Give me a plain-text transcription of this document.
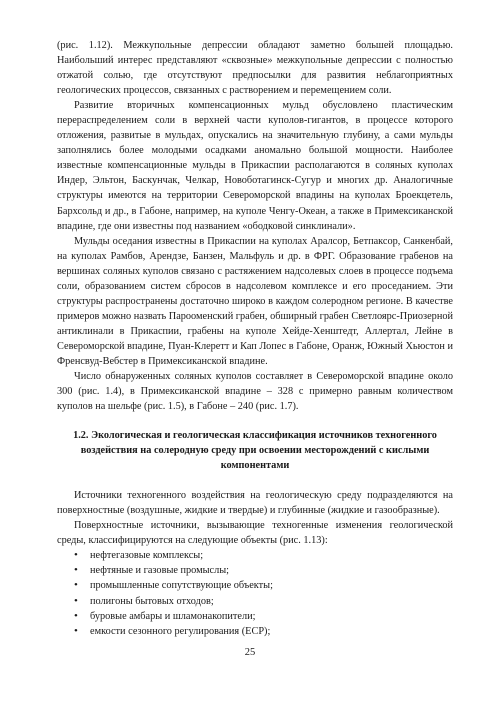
(рис. 1.12). Межкупольные депрессии обладают заметно большей площадью. Наибольший интерес представляют «сквозные» межкупольные депрессии с полностью отжатой солью, где отсутствуют предпосылки для развития неблагоприятных геологических процессов, связанных с растворением и перемещением соли.

Развитие вторичных компенсационных мульд обусловлено пластическим перераспределением соли в верхней части куполов-гигантов, в процессе которого отложения, развитые в мульдах, опускались на значительную глубину, а сами мульды заполнялись более молодыми осадками аномально большой мощности. Наиболее известные компенсационные мульды в Прикаспии располагаются в соляных куполах Индер, Эльтон, Баскунчак, Челкар, Новоботагинск-Сугур и многих др. Аналогичные структуры имеются на территории Североморской впадины на куполах Броекцетель, Бархсольд и др., в Габоне, например, на куполе Ченгу-Океан, а также в Примексиканской впадине, где они известны под названием «ободковой синклинали».

Мульды оседания известны в Прикаспии на куполах Аралсор, Бетпаксор, Санкенбай, на куполах Рамбов, Арендзе, Банзен, Мальфуль и др. в ФРГ. Образование грабенов на вершинах соляных куполов связано с растяжением надсолевых слоев в процессе подъема соли, образованием систем сбросов в надсолевом комплексе и его проседанием. Эти структуры распространены достаточно широко в каждом солеродном регионе. В качестве примеров можно назвать Парооменский грабен, обширный грабен Светлоярс-Приозерной антиклинали в Прикаспии, грабены на куполе Хейде-Хенштедт, Аллертал, Лейне в Североморской впадине, Пуан-Клеретт и Кап Лопес в Габоне, Оранж, Южный Хьюстон и Френсвуд-Вебстер в Примексиканской впадине.

Число обнаруженных соляных куполов составляет в Североморской впадине около 300 (рис. 1.4), в Примексиканской впадине – 328 с примерно равным количеством куполов на шельфе (рис. 1.5), в Габоне – 240 (рис. 1.7).

1.2. Экологическая и геологическая классификация источников техногенного воздействия на солеродную среду при освоении месторождений с кислыми компонентами

Источники техногенного воздействия на геологическую среду подразделяются на поверхностные (воздушные, жидкие и твердые) и глубинные (жидкие и газообразные).

Поверхностные источники, вызывающие техногенные изменения геологической среды, классифицируются на следующие объекты (рис. 1.13):

• нефтегазовые комплексы;
• нефтяные и газовые промыслы;
• промышленные сопутствующие объекты;
• полигоны бытовых отходов;
• буровые амбары и шламонакопители;
• емкости сезонного регулирования (ЕСР);
25
